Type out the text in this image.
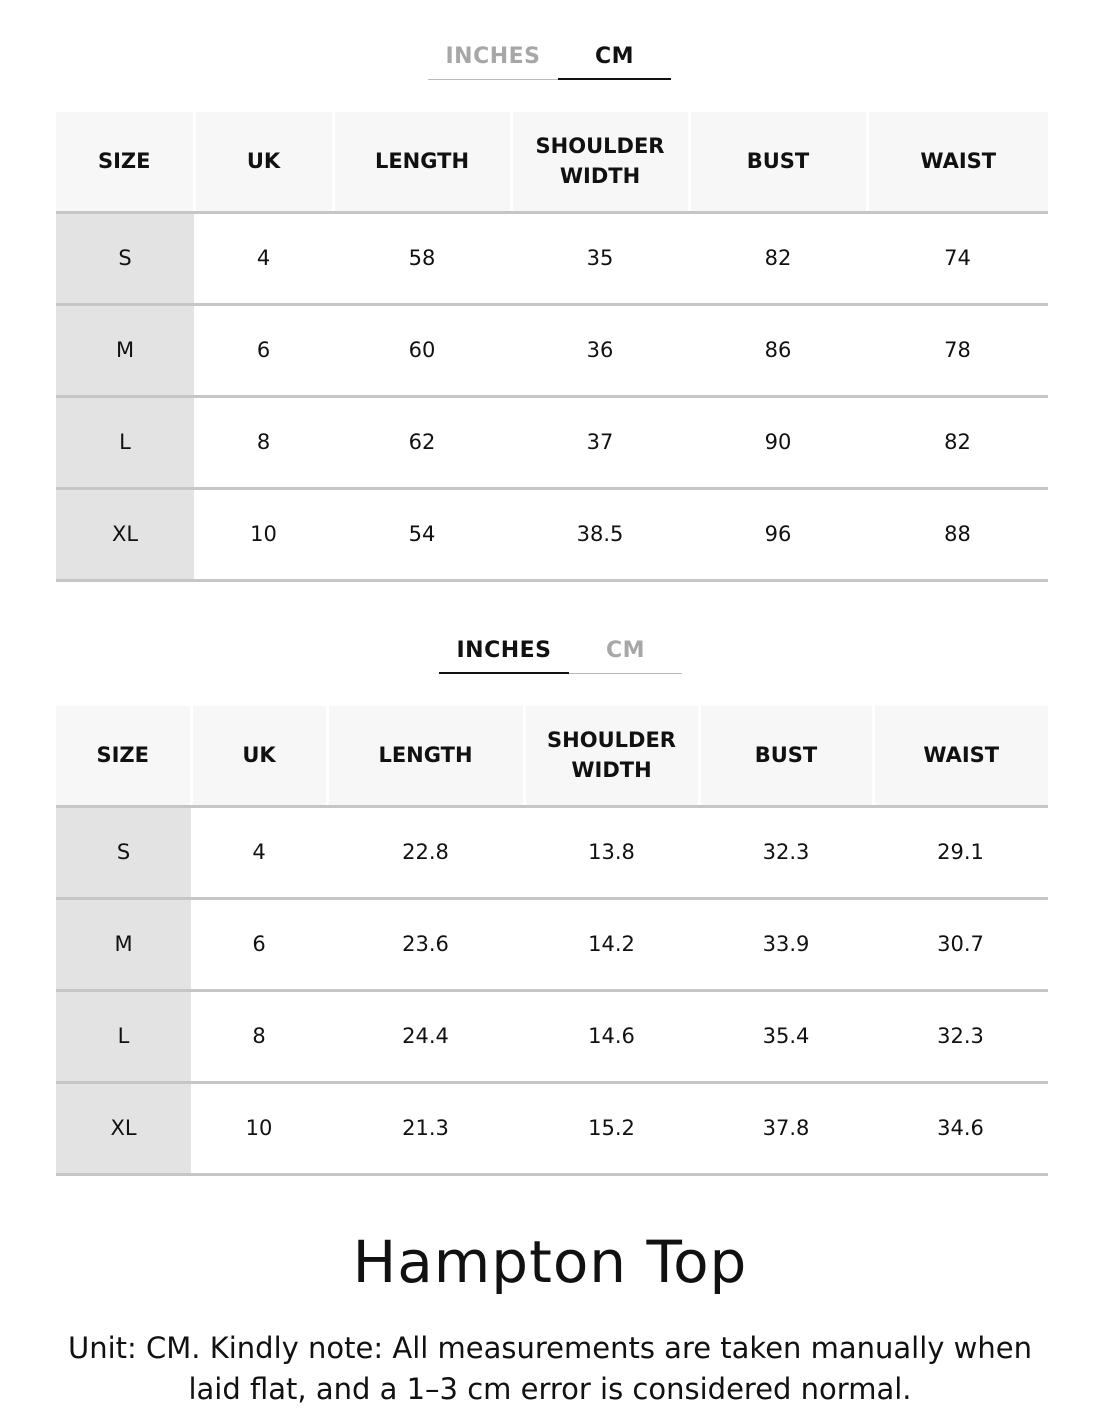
INCHES	CM
SIZE	UK	LENGTH	SHOULDER WIDTH	BUST	WAIST
S	4	58	35	82	74
M	6	60	36	86	78
L	8	62	37	90	82
XL	10	54	38.5	96	88
INCHES	CM
SIZE	UK	LENGTH	SHOULDER WIDTH	BUST	WAIST
S	4	22.8	13.8	32.3	29.1
M	6	23.6	14.2	33.9	30.7
L	8	24.4	14.6	35.4	32.3
XL	10	21.3	15.2	37.8	34.6
Hampton Top

Unit: CM. Kindly note: All measurements are taken manually when laid flat, and a 1–3 cm error is considered normal.
